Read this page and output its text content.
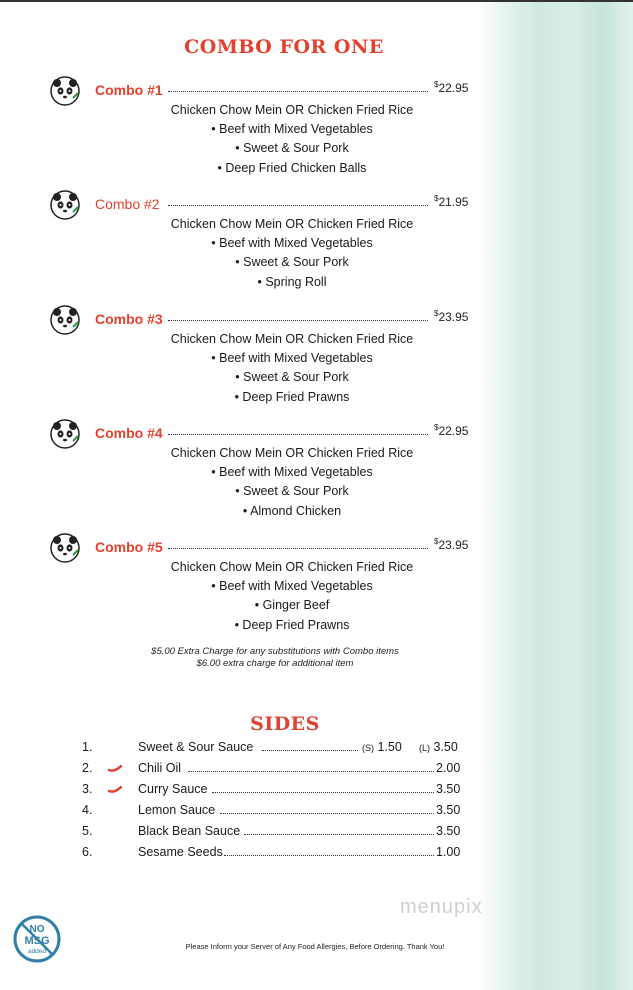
COMBO FOR ONE
Combo #1	$22.95
Chicken Chow Mein OR Chicken Fried Rice
• Beef with Mixed Vegetables
• Sweet & Sour Pork
• Deep Fried Chicken Balls
Combo #2	$21.95
Chicken Chow Mein OR Chicken Fried Rice
• Beef with Mixed Vegetables
• Sweet & Sour Pork
• Spring Roll
Combo #3	$23.95
Chicken Chow Mein OR Chicken Fried Rice
• Beef with Mixed Vegetables
• Sweet & Sour Pork
• Deep Fried Prawns
Combo #4	$22.95
Chicken Chow Mein OR Chicken Fried Rice
• Beef with Mixed Vegetables
• Sweet & Sour Pork
• Almond Chicken
Combo #5	$23.95
Chicken Chow Mein OR Chicken Fried Rice
• Beef with Mixed Vegetables
• Ginger Beef
• Deep Fried Prawns
$5.00 Extra Charge for any substitutions with Combo items
$6.00 extra charge for additional item
SIDES
1.	Sweet & Sour Sauce	(S) 1.50 (L) 3.50
2.	Chili Oil	2.00
3.	Curry Sauce	3.50
4.	Lemon Sauce	3.50
5.	Black Bean Sauce	3.50
6.	Sesame Seeds	1.00
NO
MSG
added
Please Inform your Server of Any Food Allergies, Before Ordering. Thank You!
menupix
